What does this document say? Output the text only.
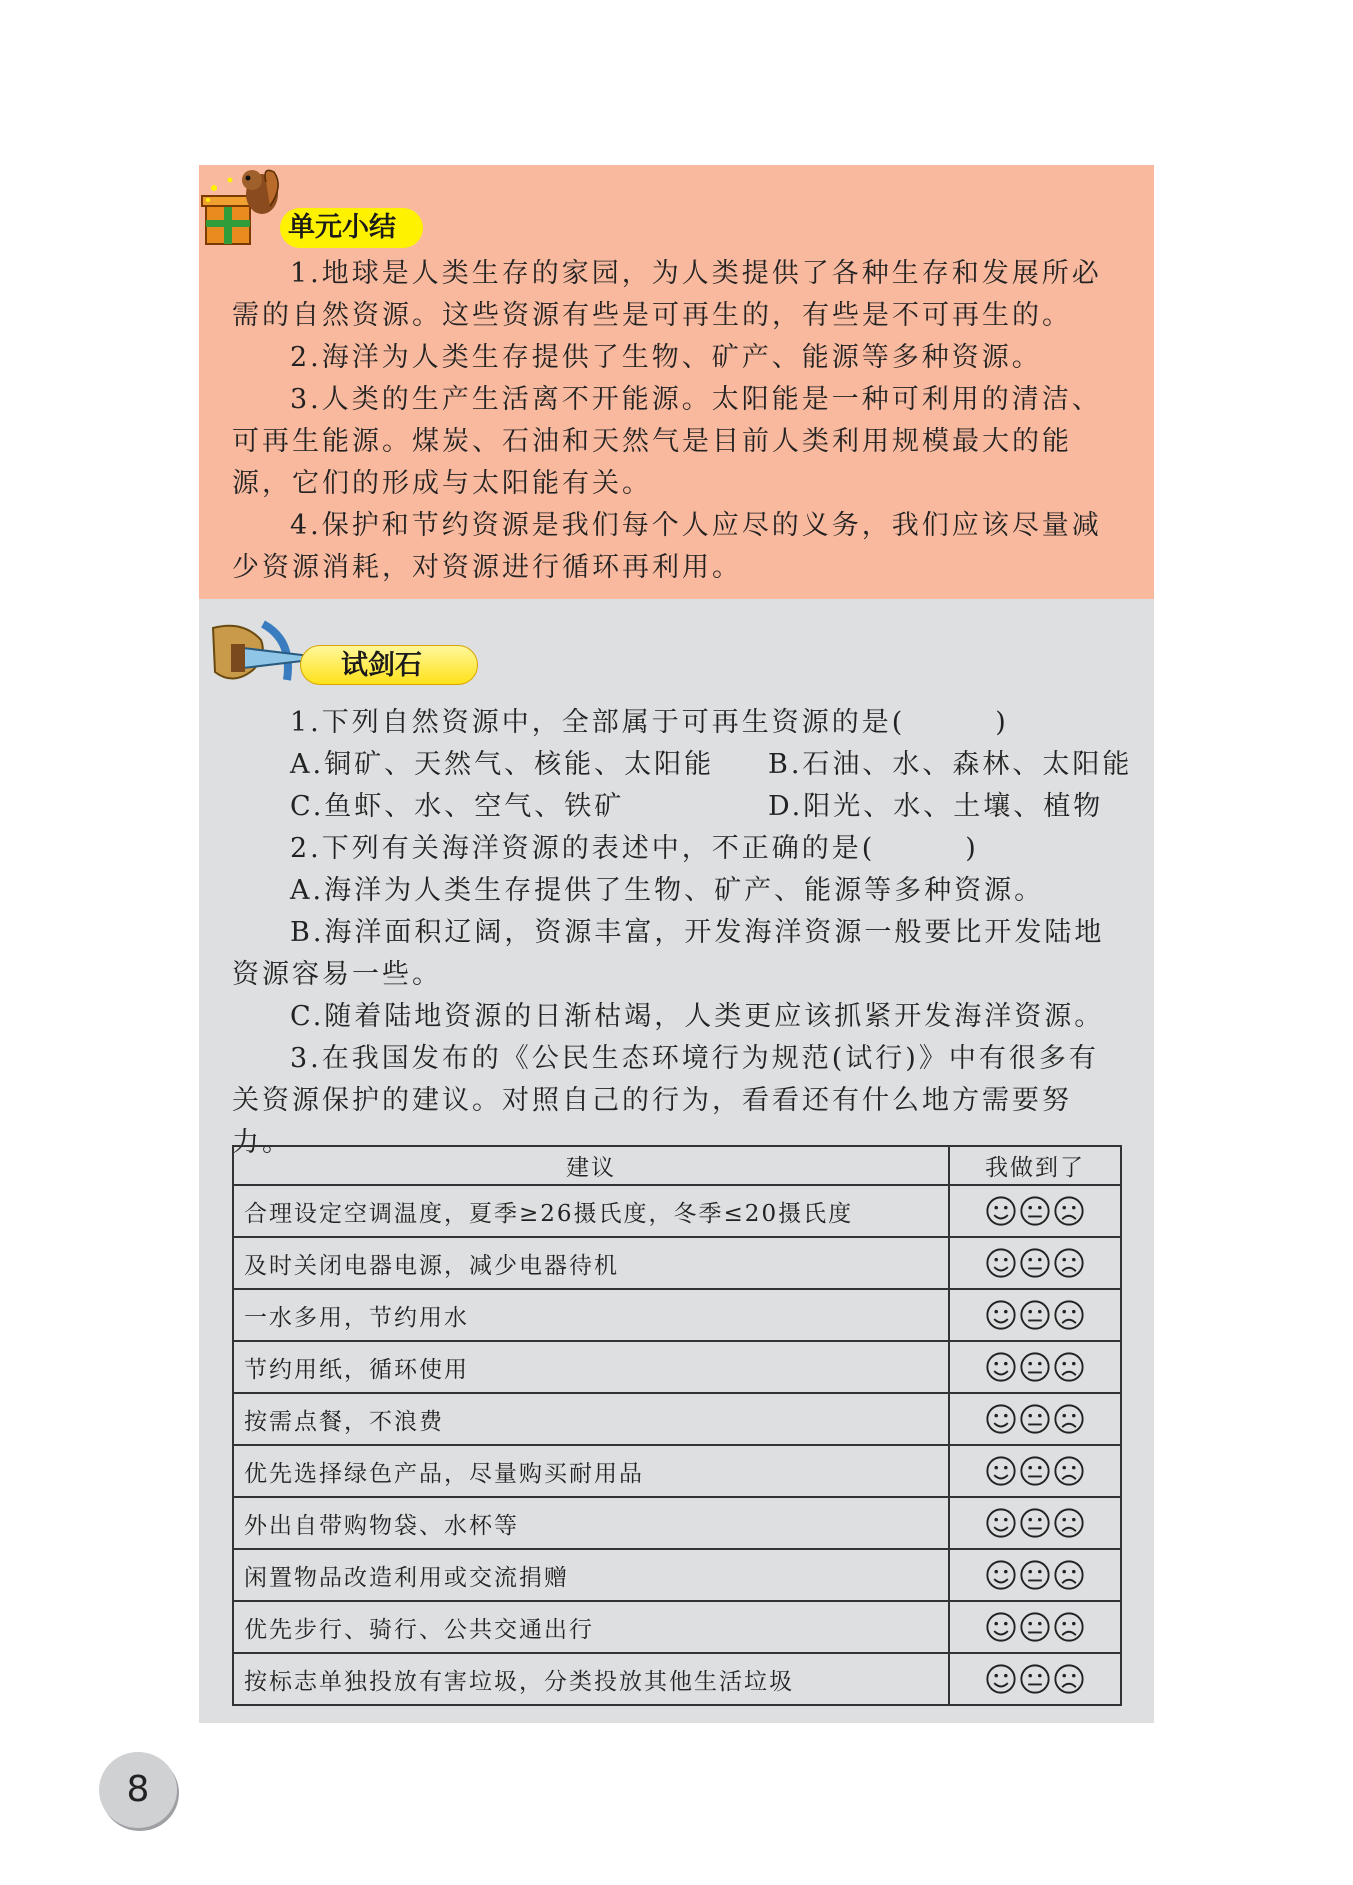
单元小结
1.地球是人类生存的家园，为人类提供了各种生存和发展所必需的自然资源。这些资源有些是可再生的，有些是不可再生的。
2.海洋为人类生存提供了生物、矿产、能源等多种资源。
3.人类的生产生活离不开能源。太阳能是一种可利用的清洁、可再生能源。煤炭、石油和天然气是目前人类利用规模最大的能源，它们的形成与太阳能有关。
4.保护和节约资源是我们每个人应尽的义务，我们应该尽量减少资源消耗，对资源进行循环再利用。
试剑石
1.下列自然资源中，全部属于可再生资源的是(　　　)
A.铜矿、天然气、核能、太阳能 B.石油、水、森林、太阳能
C.鱼虾、水、空气、铁矿	D.阳光、水、土壤、植物
2.下列有关海洋资源的表述中，不正确的是(　　　)
A.海洋为人类生存提供了生物、矿产、能源等多种资源。
B.海洋面积辽阔，资源丰富，开发海洋资源一般要比开发陆地资源容易一些。
C.随着陆地资源的日渐枯竭，人类更应该抓紧开发海洋资源。
3.在我国发布的《公民生态环境行为规范(试行)》中有很多有关资源保护的建议。对照自己的行为，看看还有什么地方需要努力。
建议	我做到了
合理设定空调温度，夏季≥26摄氏度，冬季≤20摄氏度	
及时关闭电器电源，减少电器待机	
一水多用，节约用水	
节约用纸，循环使用	
按需点餐，不浪费	
优先选择绿色产品，尽量购买耐用品	
外出自带购物袋、水杯等	
闲置物品改造利用或交流捐赠	
优先步行、骑行、公共交通出行	
按标志单独投放有害垃圾，分类投放其他生活垃圾	
8
